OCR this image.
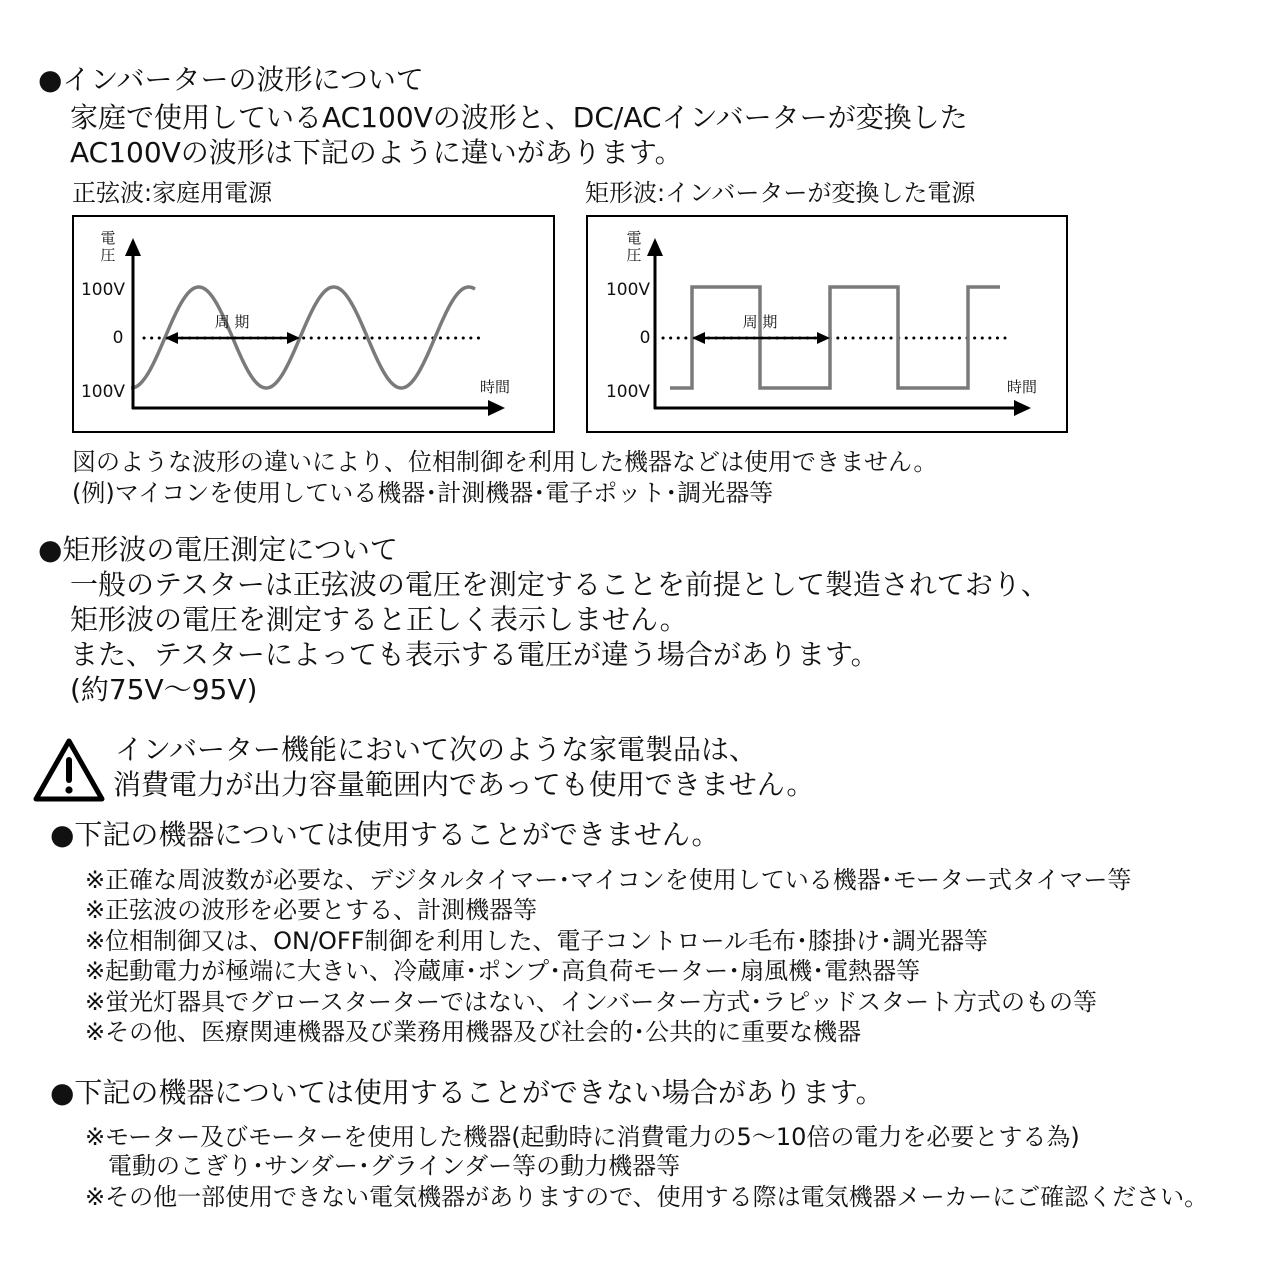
●インバーターの波形について
家庭で使用しているAC100Vの波形と、DC/ACインバーターが変換した
AC100Vの波形は下記のように違いがあります。
正弦波:家庭用電源	矩形波:インバーターが変換した電源
電圧
100V
0
100V	時間
周 期
電圧
100V
0
100V	時間
周 期
図のような波形の違いにより、位相制御を利用した機器などは使用できません。
(例)マイコンを使用している機器･計測機器･電子ポット･調光器等
●矩形波の電圧測定について
一般のテスターは正弦波の電圧を測定することを前提として製造されており、
矩形波の電圧を測定すると正しく表示しません。
また、テスターによっても表示する電圧が違う場合があります。
(約75V〜95V)
インバーター機能において次のような家電製品は、
消費電力が出力容量範囲内であっても使用できません。
●下記の機器については使用することができません。
※正確な周波数が必要な、デジタルタイマー･マイコンを使用している機器･モーター式タイマー等
※正弦波の波形を必要とする、計測機器等
※位相制御又は、ON/OFF制御を利用した、電子コントロール毛布･膝掛け･調光器等
※起動電力が極端に大きい、冷蔵庫･ポンプ･高負荷モーター･扇風機･電熱器等
※蛍光灯器具でグロースターターではない、インバーター方式･ラピッドスタート方式のもの等
※その他、医療関連機器及び業務用機器及び社会的･公共的に重要な機器
●下記の機器については使用することができない場合があります。
※モーター及びモーターを使用した機器(起動時に消費電力の5〜10倍の電力を必要とする為)
電動のこぎり･サンダー･グラインダー等の動力機器等
※その他一部使用できない電気機器がありますので、使用する際は電気機器メーカーにご確認ください。
